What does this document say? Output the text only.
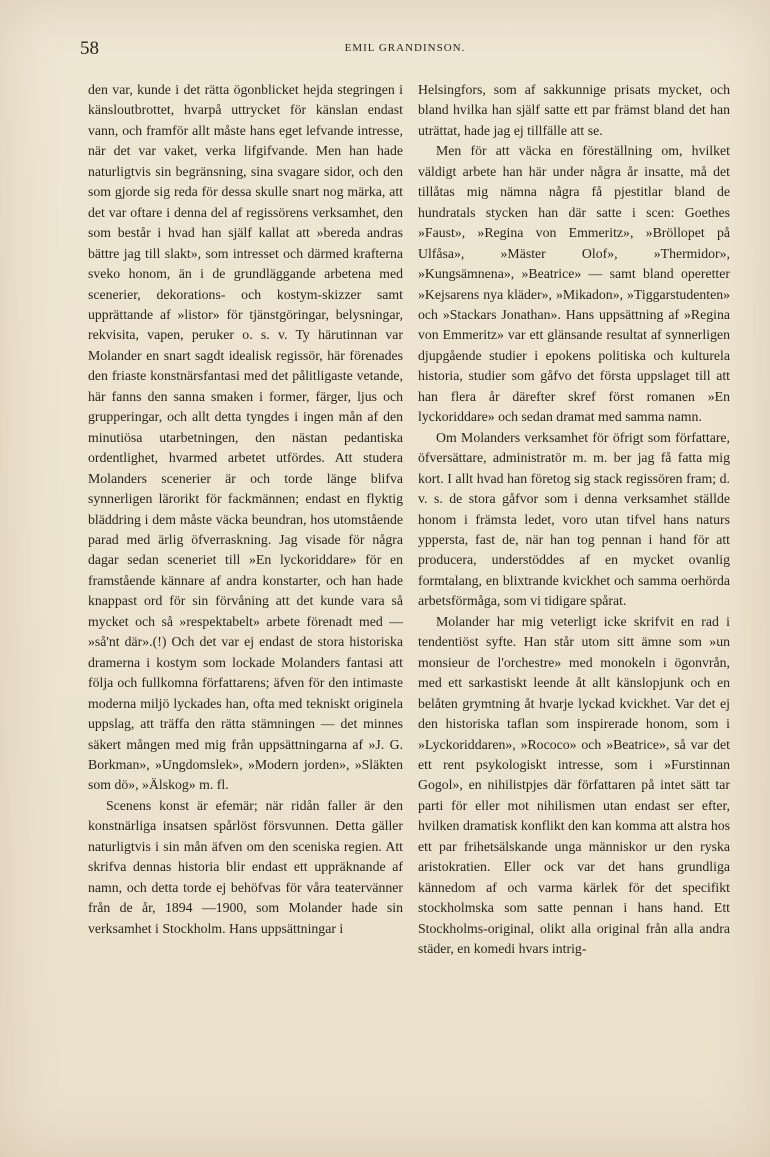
58	EMIL GRANDINSON.

den var, kunde i det rätta ögonblicket hejda stegringen i känsloutbrottet, hvarpå uttrycket för känslan endast vann, och framför allt måste hans eget lefvande intresse, när det var vaket, verka lifgifvande. Men han hade naturligtvis sin begränsning, sina svagare sidor, och den som gjorde sig reda för dessa skulle snart nog märka, att det var oftare i denna del af regissörens verksamhet, den som består i hvad han själf kallat att »bereda andras bättre jag till slakt», som intresset och därmed krafterna sveko honom, än i de grundläggande arbetena med scenerier, dekorations- och kostym-skizzer samt upprättande af »listor» för tjänstgöringar, belysningar, rekvisita, vapen, peruker o. s. v. Ty härutinnan var Molander en snart sagdt idealisk regissör, här förenades den friaste konstnärsfantasi med det pålitligaste vetande, här fanns den sanna smaken i former, färger, ljus och grupperingar, och allt detta tyngdes i ingen mån af den minutiösa utarbetningen, den nästan pedantiska ordentlighet, hvarmed arbetet utfördes. Att studera Molanders scenerier är och torde länge blifva synnerligen lärorikt för fackmännen; endast en flyktig bläddring i dem måste väcka beundran, hos utomstående parad med ärlig öfverraskning. Jag visade för några dagar sedan sceneriet till »En lyckoriddare» för en framstående kännare af andra konstarter, och han hade knappast ord för sin förvåning att det kunde vara så mycket och så »respektabelt» arbete förenadt med — »så'nt där».(!) Och det var ej endast de stora historiska dramerna i kostym som lockade Molanders fantasi att följa och fullkomna författarens; äfven för den intimaste moderna miljö lyckades han, ofta med tekniskt originela uppslag, att träffa den rätta stämningen — det minnes säkert mången med mig från uppsättningarna af »J. G. Borkman», »Ungdomslek», »Modern jorden», »Släkten som dö», »Älskog» m. fl.

Scenens konst är efemär; när ridån faller är den konstnärliga insatsen spårlöst försvunnen. Detta gäller naturligtvis i sin mån äfven om den sceniska regien. Att skrifva dennas historia blir endast ett uppräknande af namn, och detta torde ej behöfvas för våra teatervänner från de år, 1894 —1900, som Molander hade sin verksamhet i Stockholm. Hans uppsättningar i

Helsingfors, som af sakkunnige prisats mycket, och bland hvilka han själf satte ett par främst bland det han uträttat, hade jag ej tillfälle att se.

Men för att väcka en föreställning om, hvilket väldigt arbete han här under några år insatte, må det tillåtas mig nämna några få pjestitlar bland de hundratals stycken han där satte i scen: Goethes »Faust», »Regina von Emmeritz», »Bröllopet på Ulfåsa», »Mäster Olof», »Thermidor», »Kungsämnena», »Beatrice» — samt bland operetter »Kejsarens nya kläder», »Mikadon», »Tiggarstudenten» och »Stackars Jonathan». Hans uppsättning af »Regina von Emmeritz» var ett glänsande resultat af synnerligen djupgående studier i epokens politiska och kulturela historia, studier som gåfvo det första uppslaget till att han flera år därefter skref först romanen »En lyckoriddare» och sedan dramat med samma namn.

Om Molanders verksamhet för öfrigt som författare, öfversättare, administratör m. m. ber jag få fatta mig kort. I allt hvad han företog sig stack regissören fram; d. v. s. de stora gåfvor som i denna verksamhet ställde honom i främsta ledet, voro utan tifvel hans naturs yppersta, fast de, när han tog pennan i hand för att producera, understöddes af en mycket ovanlig formtalang, en blixtrande kvickhet och samma oerhörda arbetsförmåga, som vi tidigare spårat.

Molander har mig veterligt icke skrifvit en rad i tendentiöst syfte. Han står utom sitt ämne som »un monsieur de l'orchestre» med monokeln i ögonvrån, med ett sarkastiskt leende åt allt känslopjunk och en belåten grymtning åt hvarje lyckad kvickhet. Var det ej den historiska taflan som inspirerade honom, som i »Lyckoriddaren», »Rococo» och »Beatrice», så var det ett rent psykologiskt intresse, som i »Furstinnan Gogol», en nihilistpjes där författaren på intet sätt tar parti för eller mot nihilismen utan endast ser efter, hvilken dramatisk konflikt den kan komma att alstra hos ett par frihetsälskande unga människor ur den ryska aristokratien. Eller ock var det hans grundliga kännedom af och varma kärlek för det specifikt stockholmska som satte pennan i hans hand. Ett Stockholms-original, olikt alla original från alla andra städer, en komedi hvars intrig-
